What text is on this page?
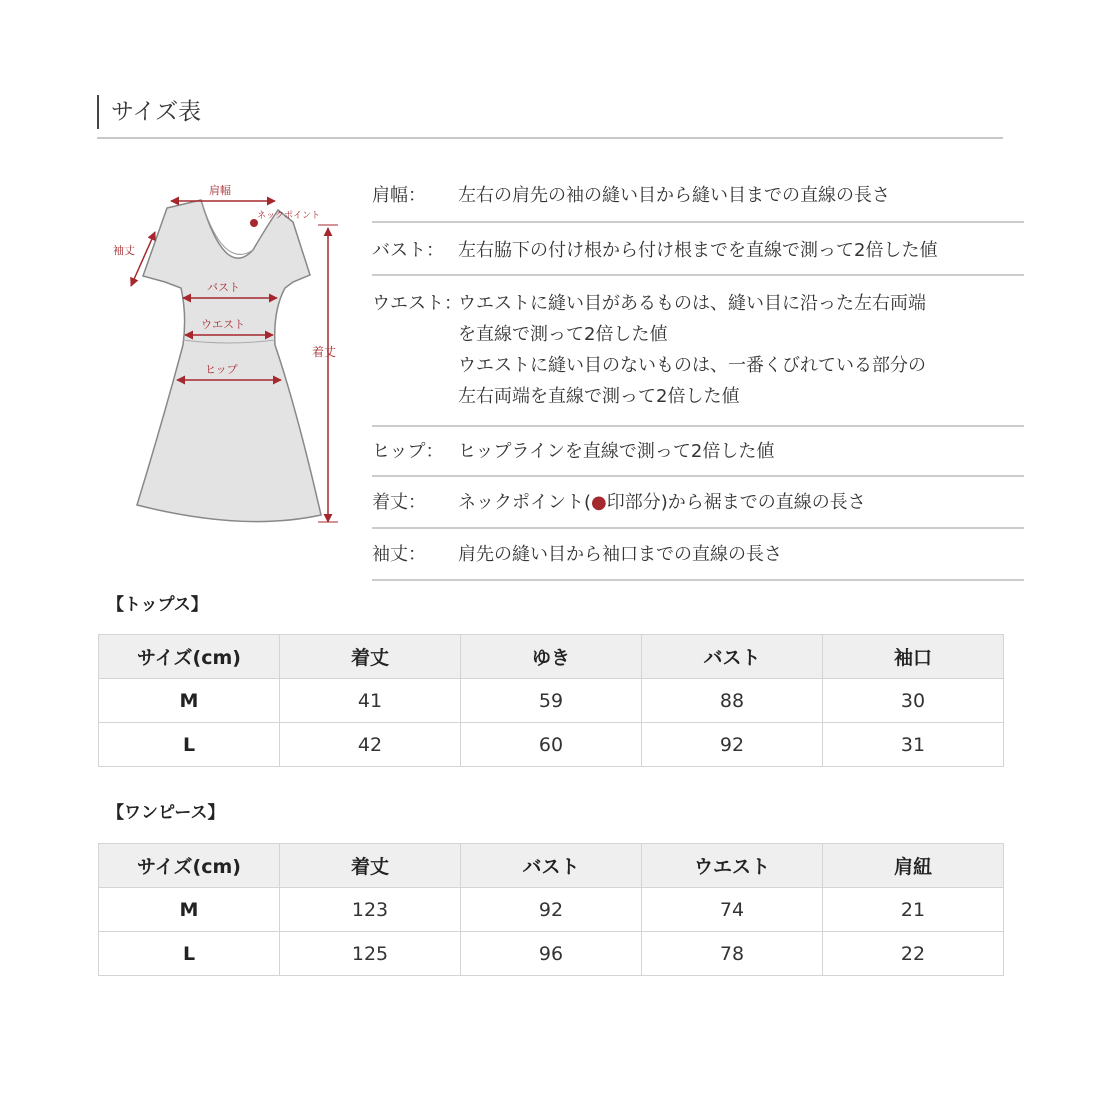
サイズ表
肩幅
ネックポイント
袖丈
バスト
ウエスト
ヒップ
着丈
肩幅：	左右の肩先の袖の縫い目から縫い目までの直線の長さ
バスト： 左右脇下の付け根から付け根までを直線で測って2倍した値
ウエスト：
ウエストに縫い目があるものは、縫い目に沿った左右両端
を直線で測って2倍した値
ウエストに縫い目のないものは、一番くびれている部分の
左右両端を直線で測って2倍した値
ヒップ： ヒップラインを直線で測って2倍した値
着丈：	ネックポイント(●印部分)から裾までの直線の長さ
袖丈：	肩先の縫い目から袖口までの直線の長さ
【トップス】
サイズ(cm)	着丈	ゆき	バスト	袖口
M	41	59	88	30
L	42	60	92	31
【ワンピース】
サイズ(cm)	着丈	バスト	ウエスト	肩紐
M	123	92	74	21
L	125	96	78	22
